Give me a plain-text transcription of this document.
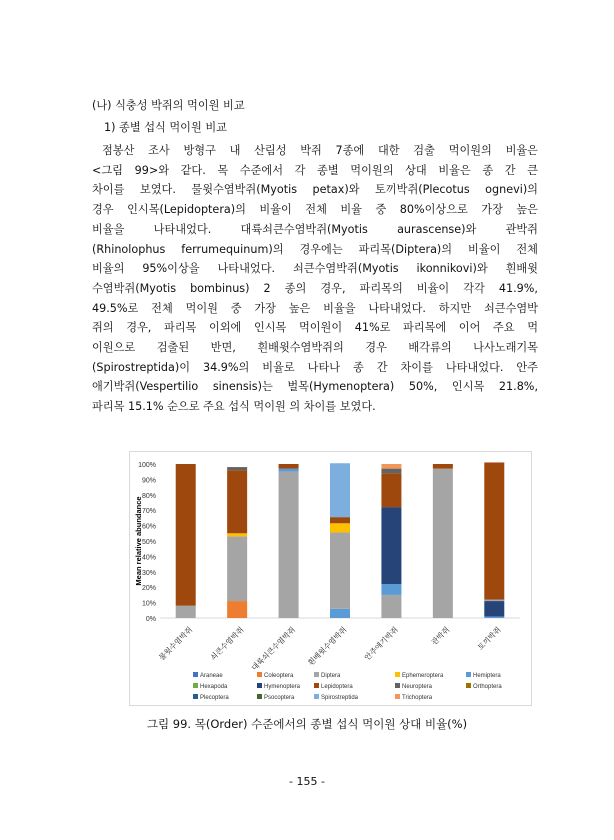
(나) 식충성 박쥐의 먹이원 비교
1) 종별 섭식 먹이원 비교
점봉산 조사 방형구 내 산림성 박쥐 7종에 대한 검출 먹이원의 비율은
<그림 99>와 같다. 목 수준에서 각 종별 먹이원의 상대 비율은 종 간 큰
차이를 보였다. 물윗수염박쥐(Myotis petax)와 토끼박쥐(Plecotus ognevi)의
경우 인시목(Lepidoptera)의 비율이 전체 비율 중 80%이상으로 가장 높은
비율을 나타내었다. 대륙쇠큰수염박쥐(Myotis aurascense)와 관박쥐
(Rhinolophus ferrumequinum)의 경우에는 파리목(Diptera)의 비율이 전체
비율의 95%이상을 나타내었다. 쇠큰수염박쥐(Myotis ikonnikovi)와 흰배윗
수염박쥐(Myotis bombinus) 2 종의 경우, 파리목의 비율이 각각 41.9%,
49.5%로 전체 먹이원 중 가장 높은 비율을 나타내었다. 하지만 쇠큰수염박
쥐의 경우, 파리목 이외에 인시목 먹이원이 41%로 파리목에 이어 주요 먹
이원으로 검출된 반면, 흰배윗수염박쥐의 경우 배각류의 나사노래기목
(Spirostreptida)이 34.9%의 비율로 나타나 종 간 차이를 나타내었다. 안주
애기박쥐(Vespertilio sinensis)는 벌목(Hymenoptera) 50%, 인시목 21.8%,
파리목 15.1% 순으로 주요 섭식 먹이원 의 차이를 보였다.
0%
10%
20%
30%
40%
50%
60%
70%
80%
90%
100%
Mean relative abundance
물윗수염박쥐 쇠큰수염박쥐 대륙쇠큰수염박쥐 흰배윗수염박쥐 안주애기박쥐	관박쥐	토끼박쥐
Araneae	Coleoptera	Diptera	Ephemeroptera	Hemiptera
Hexapoda	Hymenoptera	Lepidoptera	Neuroptera	Orthoptera
Plecoptera	Psocoptera	Spirostreptida	Trichoptera
그림 99. 목(Order) 수준에서의 종별 섭식 먹이원 상대 비율(%)
- 155 -
